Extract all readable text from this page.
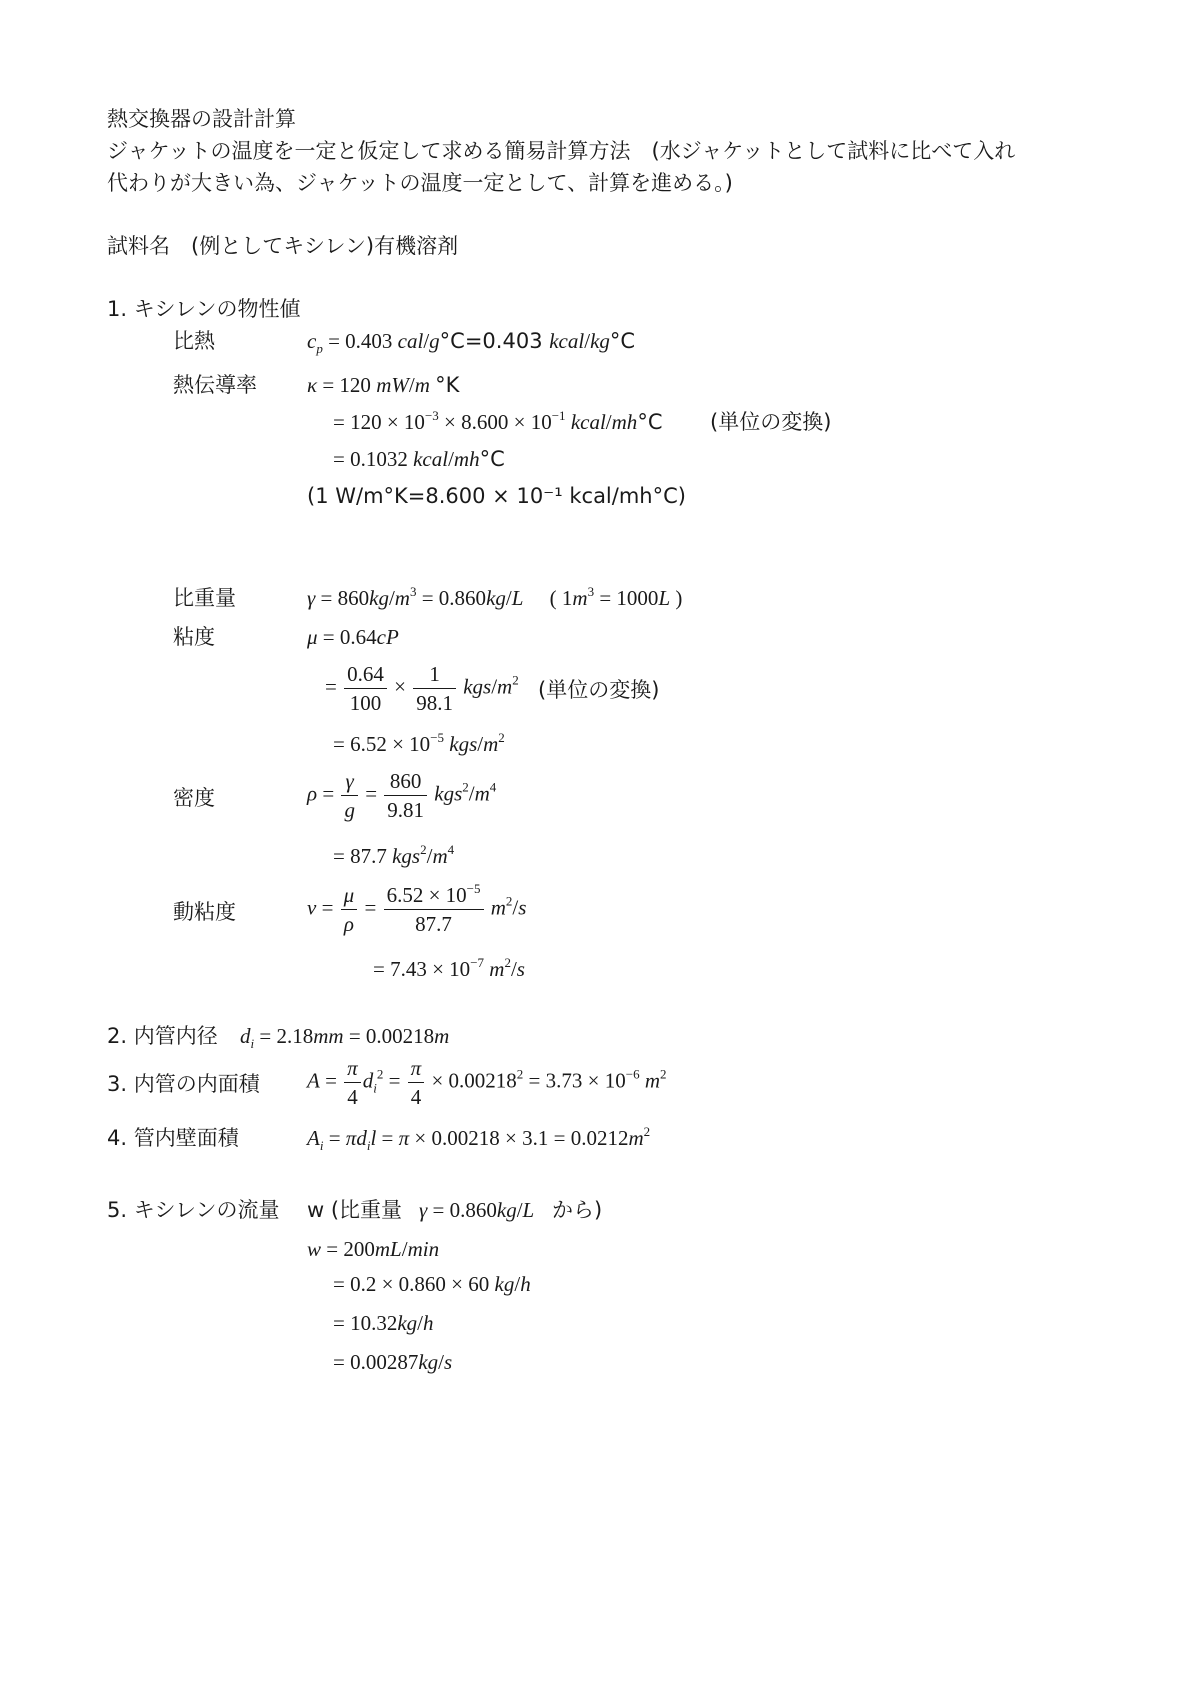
熱交換器の設計計算
ジャケットの温度を一定と仮定して求める簡易計算方法　(水ジャケットとして試料に比べて入れ
代わりが大きい為、ジャケットの温度一定として、計算を進める。)
試料名　(例としてキシレン)有機溶剤
1. キシレンの物性値
比熱	$c_p = 0.403$ cal/g°C=0.403 kcal/kg°C
熱伝導率 κ = 120 mW/m °K
= $120 \times 10^{-3} \times 8.600 \times 10^{-1}$ kcal/mh°C (単位の変換)
= 0.1032 kcal/mh°C
(1 W/m°K=8.600 × 10⁻¹ kcal/mh°C)
比重量	$\gamma = 860kg/m^3 = 0.860kg/L$     ( $1m^3 = 1000L$ )
粘度	μ = 0.64cP
= $\frac{0.64}{100} \times \frac{1}{98.1} kgs/m^2$ (単位の変換)
= $6.52 \times 10^{-5}$ kgs/$m^2$
密度	$\rho = \frac{\gamma}{g} = \frac{860}{9.81} kgs^2/m^4$
= 87.7 $kgs^2/m^4$
動粘度	$\nu = \frac{\mu}{\rho} = \frac{6.52 \times 10^{-5}}{87.7} m^2/s$
= $7.43 \times 10^{-7}$ $m^2/s$
2. 内管内径 $d_i = 2.18mm = 0.00218m$
3. 内管の内面積 $A = \frac{\pi}{4} d_i^2 = \frac{\pi}{4} \times 0.00218^2 = 3.73 \times 10^{-6}$ $m^2$
4. 管内壁面積	$A_i = \pi d_il = \pi \times 0.00218 \times 3.1 = 0.0212m^2$
5. キシレンの流量 w (比重量 γ = 0.860kg/L から)
w = 200mL/min
= 0.2 × 0.860 × 60 kg/h
= 10.32kg/h
= 0.00287kg/s
